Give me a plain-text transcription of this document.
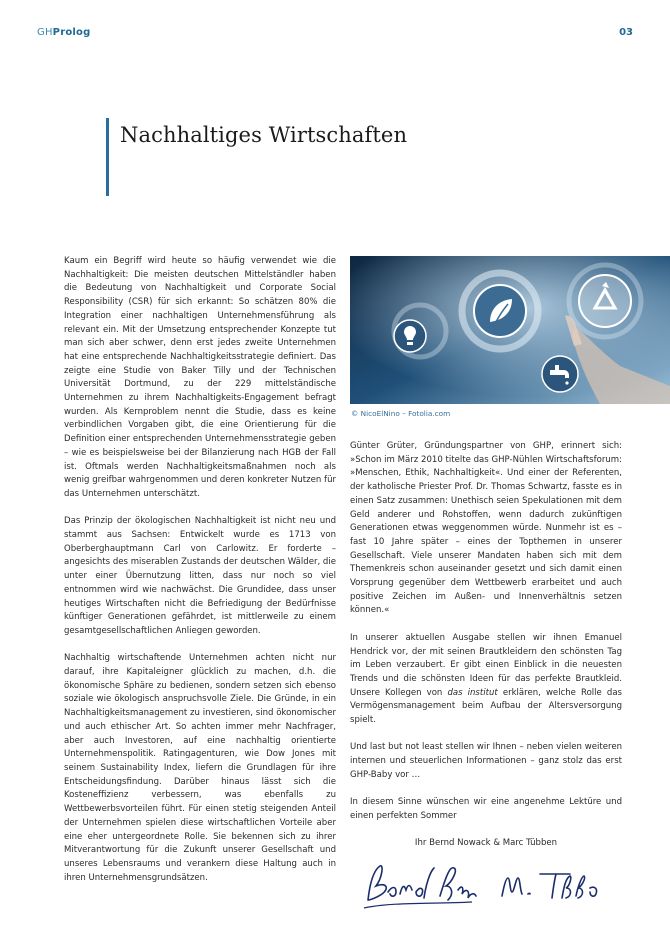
GHProlog	03
Nachhaltiges Wirtschaften

Kaum ein Begriff wird heute so häufig verwendet wie die Nachhaltigkeit: Die meisten deutschen Mittelständler haben die Bedeutung von Nachhaltigkeit und Corporate Social Responsibility (CSR) für sich erkannt: So schätzen 80% die Integration einer nachhaltigen Unternehmensführung als relevant ein. Mit der Umsetzung entsprechender Konzepte tut man sich aber schwer, denn erst jedes zweite Unternehmen hat eine entsprechende Nachhaltigkeitsstrategie definiert. Das zeigte eine Studie von Baker Tilly und der Technischen Universität Dortmund, zu der 229 mittelständische Unternehmen zu ihrem Nachhaltigkeits-Engagement befragt wurden. Als Kernproblem nennt die Studie, dass es keine verbindlichen Vorgaben gibt, die eine Orientierung für die Definition einer entsprechenden Unternehmensstrategie geben – wie es beispielsweise bei der Bilanzierung nach HGB der Fall ist. Oftmals werden Nachhaltigkeitsmaßnahmen noch als wenig greifbar wahrgenommen und deren konkreter Nutzen für das Unternehmen unterschätzt.

Das Prinzip der ökologischen Nachhaltigkeit ist nicht neu und stammt aus Sachsen: Entwickelt wurde es 1713 von Oberberghauptmann Carl von Carlowitz. Er forderte – angesichts des miserablen Zustands der deutschen Wälder, die unter einer Übernutzung litten, dass nur noch so viel entnommen wird wie nachwächst. Die Grundidee, dass unser heutiges Wirtschaften nicht die Befriedigung der Bedürfnisse künftiger Generationen gefährdet, ist mittlerweile zu einem gesamtgesellschaftlichen Anliegen geworden.

Nachhaltig wirtschaftende Unternehmen achten nicht nur darauf, ihre Kapitaleigner glücklich zu machen, d.h. die ökonomische Sphäre zu bedienen, sondern setzen sich ebenso soziale wie ökologisch anspruchsvolle Ziele. Die Gründe, in ein Nachhaltigkeitsmanagement zu investieren, sind ökonomischer und auch ethischer Art. So achten immer mehr Nachfrager, aber auch Investoren, auf eine nachhaltig orientierte Unternehmenspolitik. Ratingagenturen, wie Dow Jones mit seinem Sustainability Index, liefern die Grundlagen für ihre Entscheidungsfindung. Darüber hinaus lässt sich die Kosteneffizienz verbessern, was ebenfalls zu Wettbewerbsvorteilen führt. Für einen stetig steigenden Anteil der Unternehmen spielen diese wirtschaftlichen Vorteile aber eine eher untergeordnete Rolle. Sie bekennen sich zu ihrer Mitverantwortung für die Zukunft unserer Gesellschaft und unseres Lebensraums und verankern diese Haltung auch in ihren Unternehmensgrundsätzen.

© NicoElNino – Fotolia.com

Günter Grüter, Gründungspartner von GHP, erinnert sich: »Schon im März 2010 titelte das GHP-Nühlen Wirtschaftsforum: »Menschen, Ethik, Nachhaltigkeit«. Und einer der Referenten, der katholische Priester Prof. Dr. Thomas Schwartz, fasste es in einen Satz zusammen: Unethisch seien Spekulationen mit dem Geld anderer und Rohstoffen, wenn dadurch zukünftigen Generationen etwas weggenommen würde. Nunmehr ist es – fast 10 Jahre später – eines der Topthemen in unserer Gesellschaft. Viele unserer Mandaten haben sich mit dem Themenkreis schon auseinander gesetzt und sich damit einen Vorsprung gegenüber dem Wettbewerb erarbeitet und auch positive Zeichen im Außen- und Innenverhältnis setzen können.«

In unserer aktuellen Ausgabe stellen wir ihnen Emanuel Hendrick vor, der mit seinen Brautkleidern den schönsten Tag im Leben verzaubert. Er gibt einen Einblick in die neuesten Trends und die schönsten Ideen für das perfekte Brautkleid. Unsere Kollegen von das institut erklären, welche Rolle das Vermögensmanagement beim Aufbau der Altersversorgung spielt.

Und last but not least stellen wir Ihnen – neben vielen weiteren internen und steuerlichen Informationen – ganz stolz das erst GHP-Baby vor …

In diesem Sinne wünschen wir eine angenehme Lektüre und einen perfekten Sommer

Ihr Bernd Nowack & Marc Tübben
